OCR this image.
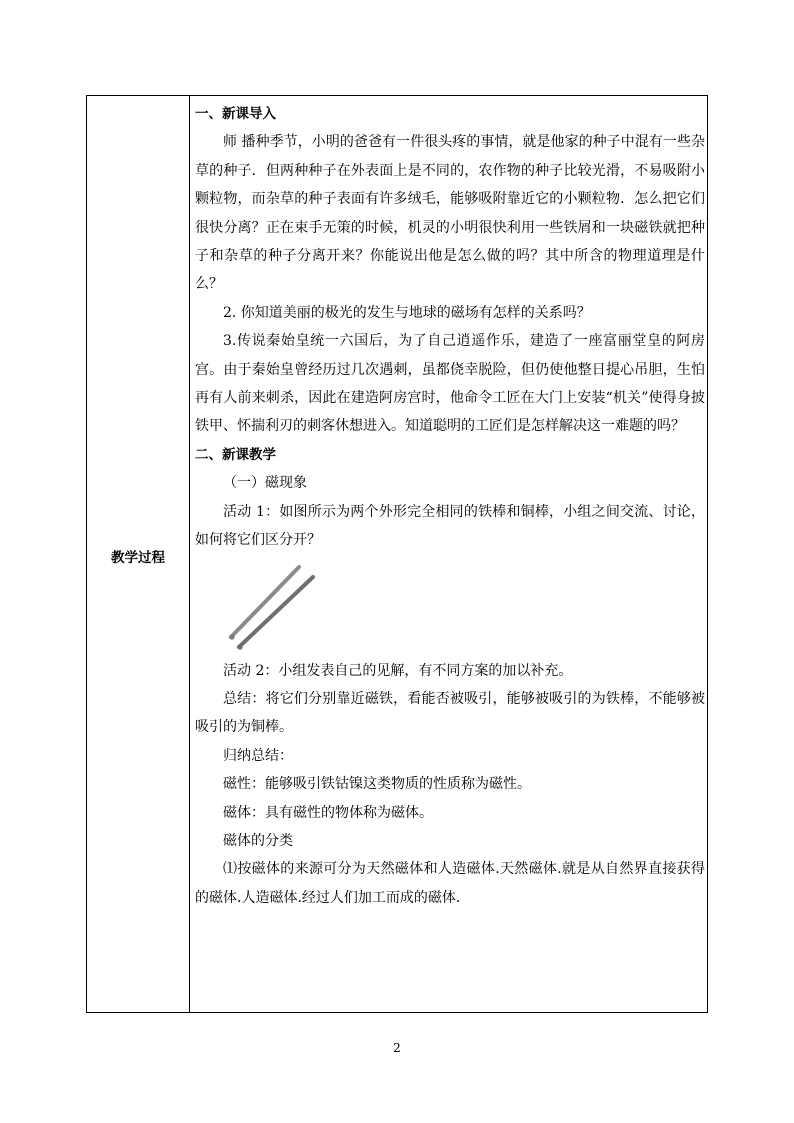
教学过程

一、新课导入

师 播种季节，小明的爸爸有一件很头疼的事情，就是他家的种子中混有一些杂草的种子．但两种种子在外表面上是不同的，农作物的种子比较光滑，不易吸附小颗粒物，而杂草的种子表面有许多绒毛，能够吸附靠近它的小颗粒物．怎么把它们很快分离？正在束手无策的时候，机灵的小明很快利用一些铁屑和一块磁铁就把种子和杂草的种子分离开来？你能说出他是怎么做的吗？其中所含的物理道理是什么？

2. 你知道美丽的极光的发生与地球的磁场有怎样的关系吗？

3.传说秦始皇统一六国后，为了自己逍遥作乐，建造了一座富丽堂皇的阿房宫。由于秦始皇曾经历过几次遇刺，虽都侥幸脱险，但仍使他整日提心吊胆，生怕再有人前来刺杀，因此在建造阿房宫时，他命令工匠在大门上安装“机关”使得身披铁甲、怀揣利刃的刺客休想进入。知道聪明的工匠们是怎样解决这一难题的吗？

二、新课教学

（一）磁现象

活动 1：如图所示为两个外形完全相同的铁棒和铜棒，小组之间交流、讨论，如何将它们区分开？

活动 2：小组发表自己的见解，有不同方案的加以补充。

总结：将它们分别靠近磁铁，看能否被吸引，能够被吸引的为铁棒，不能够被吸引的为铜棒。

归纳总结：

磁性：能够吸引铁钴镍这类物质的性质称为磁性。

磁体：具有磁性的物体称为磁体。

磁体的分类

⑴按磁体的来源可分为天然磁体和人造磁体.天然磁体.就是从自然界直接获得的磁体.人造磁体.经过人们加工而成的磁体.

2
